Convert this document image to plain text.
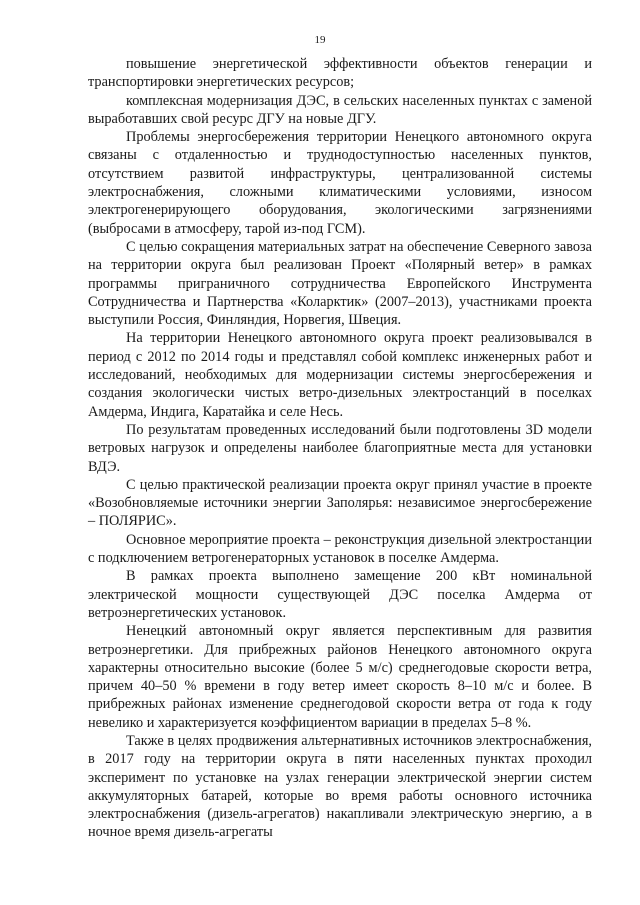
19

повышение энергетической эффективности объектов генерации и транспортировки энергетических ресурсов;

комплексная модернизация ДЭС, в сельских населенных пунктах с заменой выработавших свой ресурс ДГУ на новые ДГУ.

Проблемы энергосбережения территории Ненецкого автономного округа связаны с отдаленностью и труднодоступностью населенных пунктов, отсутствием развитой инфраструктуры, централизованной системы электроснабжения, сложными климатическими условиями, износом электрогенерирующего оборудования, экологическими загрязнениями (выбросами в атмосферу, тарой из-под ГСМ).

С целью сокращения материальных затрат на обеспечение Северного завоза на территории округа был реализован Проект «Полярный ветер» в рамках программы приграничного сотрудничества Европейского Инструмента Сотрудничества и Партнерства «Коларктик» (2007–2013), участниками проекта выступили Россия, Финляндия, Норвегия, Швеция.

На территории Ненецкого автономного округа проект реализовывался в период с 2012 по 2014 годы и представлял собой комплекс инженерных работ и исследований, необходимых для модернизации системы энергосбережения и создания экологически чистых ветро-дизельных электростанций в поселках Амдерма, Индига, Каратайка и селе Несь.

По результатам проведенных исследований были подготовлены 3D модели ветровых нагрузок и определены наиболее благоприятные места для установки ВДЭ.

С целью практической реализации проекта округ принял участие в проекте «Возобновляемые источники энергии Заполярья: независимое энергосбережение – ПОЛЯРИС».

Основное мероприятие проекта – реконструкция дизельной электростанции с подключением ветрогенераторных установок в поселке Амдерма.

В рамках проекта выполнено замещение 200 кВт номинальной электрической мощности существующей ДЭС поселка Амдерма от ветроэнергетических установок.

Ненецкий автономный округ является перспективным для развития ветроэнергетики. Для прибрежных районов Ненецкого автономного округа характерны относительно высокие (более 5 м/с) среднегодовые скорости ветра, причем 40–50 % времени в году ветер имеет скорость 8–10 м/с и более. В прибрежных районах изменение среднегодовой скорости ветра от года к году невелико и характеризуется коэффициентом вариации в пределах 5–8 %.

Также в целях продвижения альтернативных источников электроснабжения, в 2017 году на территории округа в пяти населенных пунктах проходил эксперимент по установке на узлах генерации электрической энергии систем аккумуляторных батарей, которые во время работы основного источника электроснабжения (дизель-агрегатов) накапливали электрическую энергию, а в ночное время дизель-агрегаты
